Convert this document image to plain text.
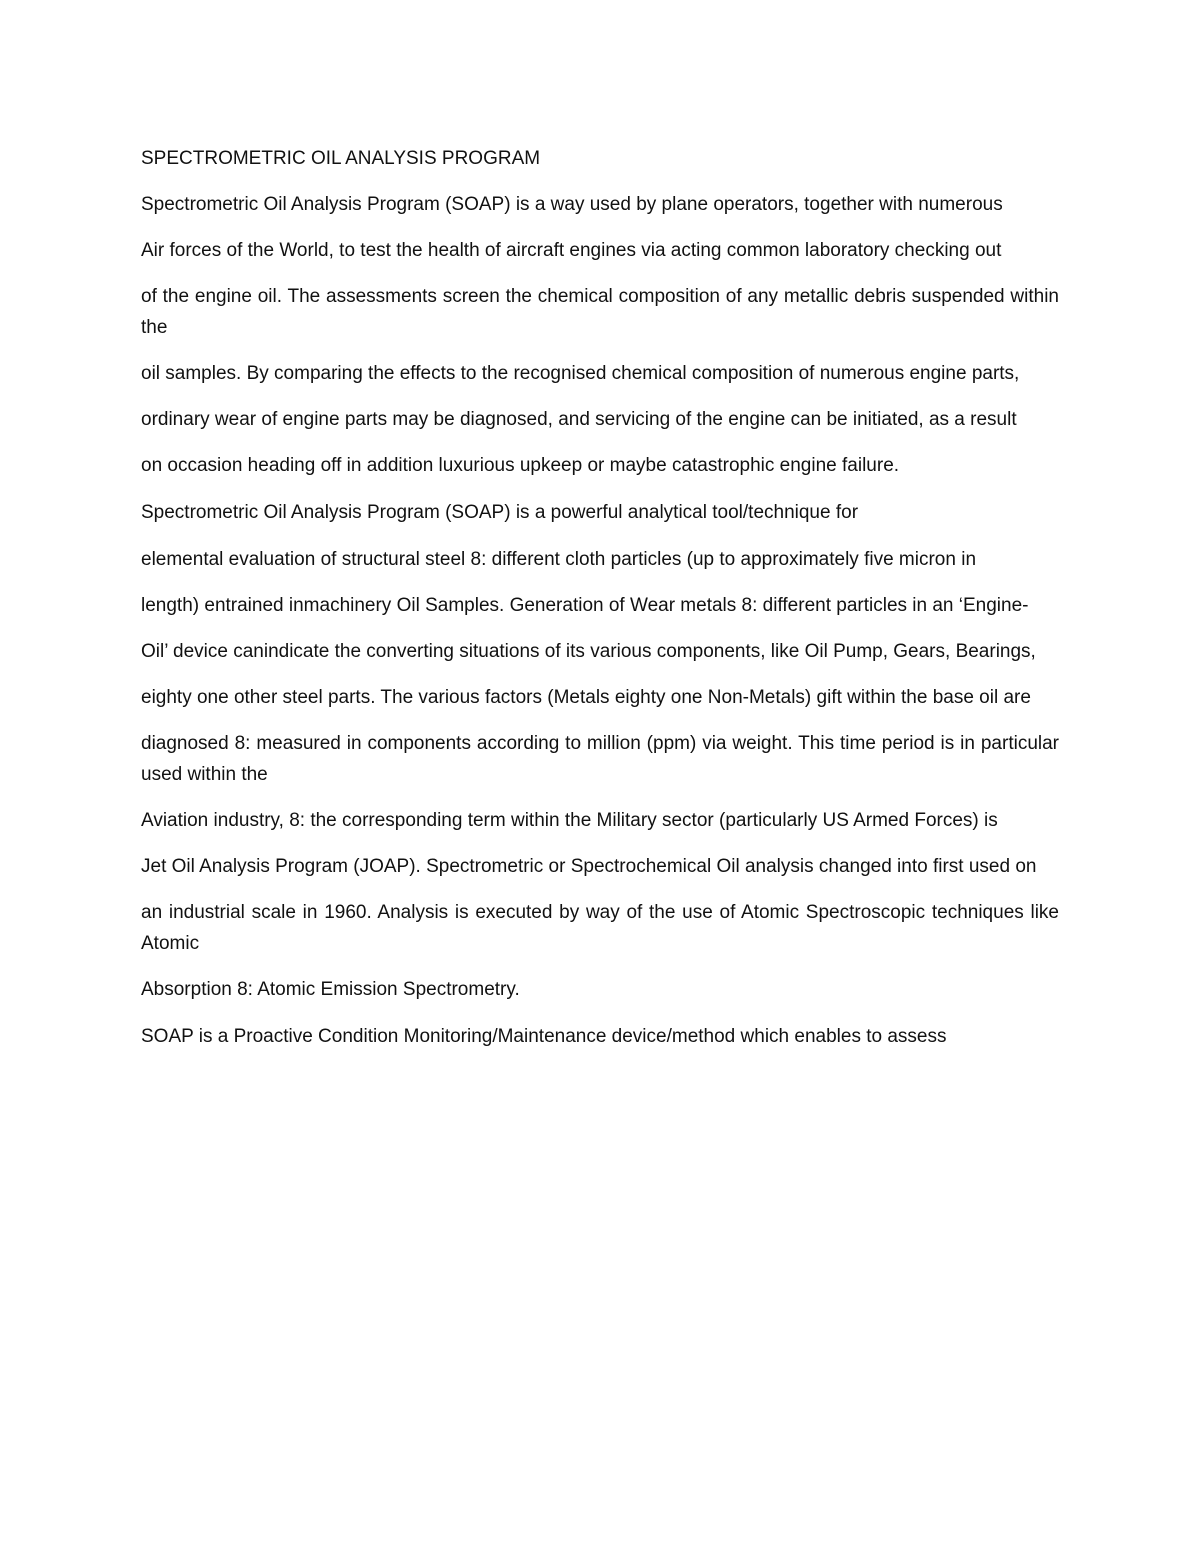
SPECTROMETRIC OIL ANALYSIS PROGRAM

Spectrometric Oil Analysis Program (SOAP) is a way used by plane operators, together with numerous

Air forces of the World, to test the health of aircraft engines via acting common laboratory checking out

of the engine oil. The assessments screen the chemical composition of any metallic debris suspended within the

oil samples. By comparing the effects to the recognised chemical composition of numerous engine parts,

ordinary wear of engine parts may be diagnosed, and servicing of the engine can be initiated, as a result

on occasion heading off in addition luxurious upkeep or maybe catastrophic engine failure.

Spectrometric Oil Analysis Program (SOAP) is a powerful analytical tool/technique for

elemental evaluation of structural steel 8: different cloth particles (up to approximately five micron in

length) entrained inmachinery Oil Samples. Generation of Wear metals 8: different particles in an ‘Engine-

Oil’ device canindicate the converting situations of its various components, like Oil Pump, Gears, Bearings,

eighty one other steel parts. The various factors (Metals eighty one Non-Metals) gift within the base oil are

diagnosed 8: measured in components according to million (ppm) via weight. This time period is in particular used within the

Aviation industry, 8: the corresponding term within the Military sector (particularly US Armed Forces) is

Jet Oil Analysis Program (JOAP). Spectrometric or Spectrochemical Oil analysis changed into first used on

an industrial scale in 1960. Analysis is executed by way of the use of Atomic Spectroscopic techniques like Atomic

Absorption 8: Atomic Emission Spectrometry.

SOAP is a Proactive Condition Monitoring/Maintenance device/method which enables to assess
